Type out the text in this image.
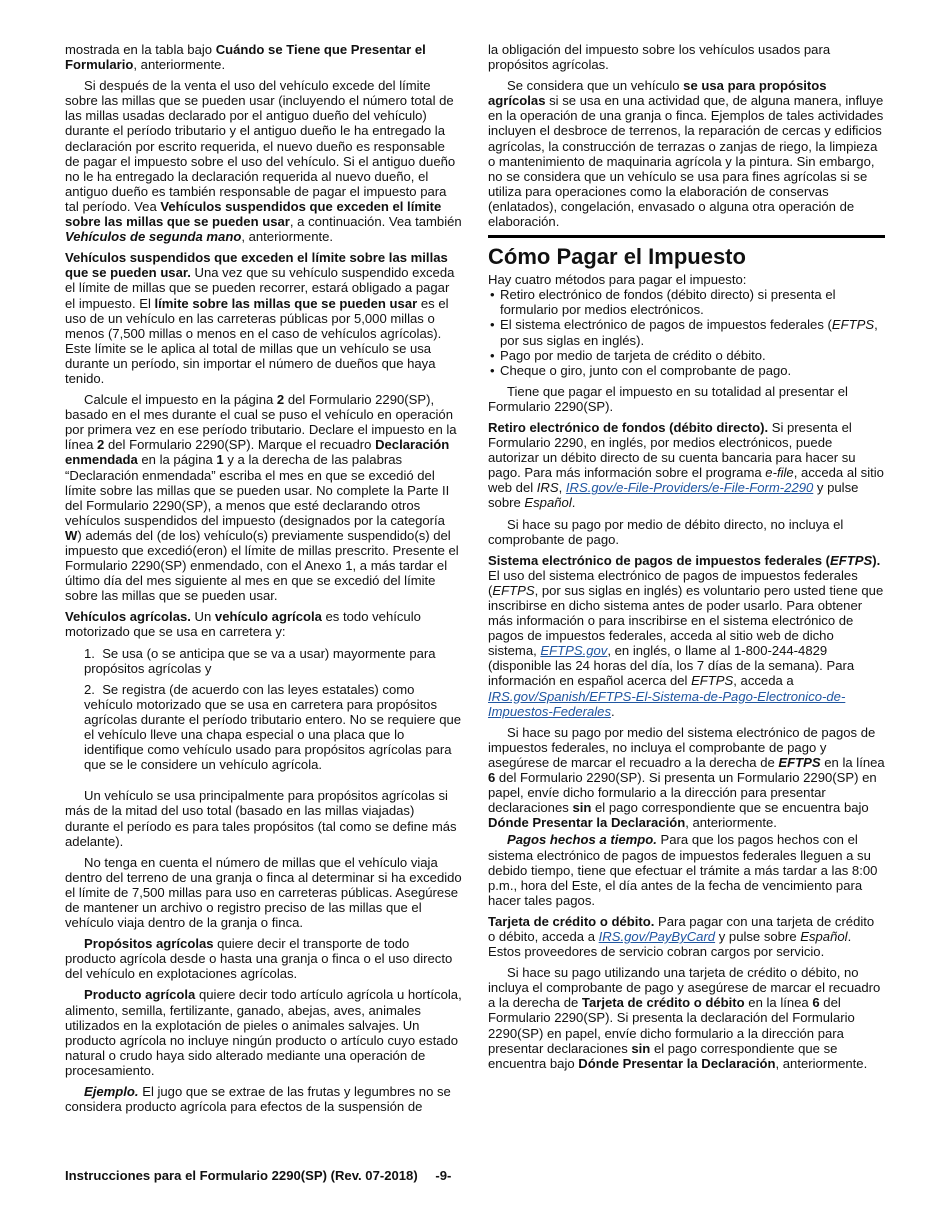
mostrada en la tabla bajo Cuándo se Tiene que Presentar el Formulario, anteriormente.

Si después de la venta el uso del vehículo excede del límite sobre las millas que se pueden usar (incluyendo el número total de las millas usadas declarado por el antiguo dueño del vehículo) durante el período tributario y el antiguo dueño le ha entregado la declaración por escrito requerida, el nuevo dueño es responsable de pagar el impuesto sobre el uso del vehículo. Si el antiguo dueño no le ha entregado la declaración requerida al nuevo dueño, el antiguo dueño es también responsable de pagar el impuesto para tal período. Vea Vehículos suspendidos que exceden el límite sobre las millas que se pueden usar, a continuación. Vea también Vehículos de segunda mano, anteriormente.

Vehículos suspendidos que exceden el límite sobre las millas que se pueden usar. Una vez que su vehículo suspendido exceda el límite de millas que se pueden recorrer, estará obligado a pagar el impuesto. El límite sobre las millas que se pueden usar es el uso de un vehículo en las carreteras públicas por 5,000 millas o menos (7,500 millas o menos en el caso de vehículos agrícolas). Este límite se le aplica al total de millas que un vehículo se usa durante un período, sin importar el número de dueños que haya tenido.

Calcule el impuesto en la página 2 del Formulario 2290(SP), basado en el mes durante el cual se puso el vehículo en operación por primera vez en ese período tributario. Declare el impuesto en la línea 2 del Formulario 2290(SP). Marque el recuadro Declaración enmendada en la página 1 y a la derecha de las palabras “Declaración enmendada” escriba el mes en que se excedió del límite sobre las millas que se pueden usar. No complete la Parte II del Formulario 2290(SP), a menos que esté declarando otros vehículos suspendidos del impuesto (designados por la categoría W) además del (de los) vehículo(s) previamente suspendido(s) del impuesto que excedió(eron) el límite de millas prescrito. Presente el Formulario 2290(SP) enmendado, con el Anexo 1, a más tardar el último día del mes siguiente al mes en que se excedió del límite sobre las millas que se pueden usar.

Vehículos agrícolas. Un vehículo agrícola es todo vehículo motorizado que se usa en carretera y:

1.  Se usa (o se anticipa que se va a usar) mayormente para propósitos agrícolas y

2.  Se registra (de acuerdo con las leyes estatales) como vehículo motorizado que se usa en carretera para propósitos agrícolas durante el período tributario entero. No se requiere que el vehículo lleve una chapa especial o una placa que lo identifique como vehículo usado para propósitos agrícolas para que se le considere un vehículo agrícola.

Un vehículo se usa principalmente para propósitos agrícolas si más de la mitad del uso total (basado en las millas viajadas) durante el período es para tales propósitos (tal como se define más adelante).

No tenga en cuenta el número de millas que el vehículo viaja dentro del terreno de una granja o finca al determinar si ha excedido el límite de 7,500 millas para uso en carreteras públicas. Asegúrese de mantener un archivo o registro preciso de las millas que el vehículo viaja dentro de la granja o finca.

Propósitos agrícolas quiere decir el transporte de todo producto agrícola desde o hasta una granja o finca o el uso directo del vehículo en explotaciones agrícolas.

Producto agrícola quiere decir todo artículo agrícola u hortícola, alimento, semilla, fertilizante, ganado, abejas, aves, animales utilizados en la explotación de pieles o animales salvajes. Un producto agrícola no incluye ningún producto o artículo cuyo estado natural o crudo haya sido alterado mediante una operación de procesamiento.

Ejemplo. El jugo que se extrae de las frutas y legumbres no se considera producto agrícola para efectos de la suspensión de

la obligación del impuesto sobre los vehículos usados para propósitos agrícolas.

Se considera que un vehículo se usa para propósitos agrícolas si se usa en una actividad que, de alguna manera, influye en la operación de una granja o finca. Ejemplos de tales actividades incluyen el desbroce de terrenos, la reparación de cercas y edificios agrícolas, la construcción de terrazas o zanjas de riego, la limpieza o mantenimiento de maquinaria agrícola y la pintura. Sin embargo, no se considera que un vehículo se usa para fines agrícolas si se utiliza para operaciones como la elaboración de conservas (enlatados), congelación, envasado o alguna otra operación de elaboración.

Cómo Pagar el Impuesto

Hay cuatro métodos para pagar el impuesto:

• Retiro electrónico de fondos (débito directo) si presenta el formulario por medios electrónicos.
• El sistema electrónico de pagos de impuestos federales (EFTPS, por sus siglas en inglés).
• Pago por medio de tarjeta de crédito o débito.
• Cheque o giro, junto con el comprobante de pago.

Tiene que pagar el impuesto en su totalidad al presentar el Formulario 2290(SP).

Retiro electrónico de fondos (débito directo). Si presenta el Formulario 2290, en inglés, por medios electrónicos, puede autorizar un débito directo de su cuenta bancaria para hacer su pago. Para más información sobre el programa e-file, acceda al sitio web del IRS, IRS.gov/e-File-Providers/e-File-Form-2290 y pulse sobre Español.

Si hace su pago por medio de débito directo, no incluya el comprobante de pago.

Sistema electrónico de pagos de impuestos federales (EFTPS). El uso del sistema electrónico de pagos de impuestos federales (EFTPS, por sus siglas en inglés) es voluntario pero usted tiene que inscribirse en dicho sistema antes de poder usarlo. Para obtener más información o para inscribirse en el sistema electrónico de pagos de impuestos federales, acceda al sitio web de dicho sistema, EFTPS.gov, en inglés, o llame al 1-800-244-4829 (disponible las 24 horas del día, los 7 días de la semana). Para información en español acerca del EFTPS, acceda a IRS.gov/Spanish/EFTPS-El-Sistema-de-Pago-Electronico-de-Impuestos-Federales.

Si hace su pago por medio del sistema electrónico de pagos de impuestos federales, no incluya el comprobante de pago y asegúrese de marcar el recuadro a la derecha de EFTPS en la línea 6 del Formulario 2290(SP). Si presenta un Formulario 2290(SP) en papel, envíe dicho formulario a la dirección para presentar declaraciones sin el pago correspondiente que se encuentra bajo Dónde Presentar la Declaración, anteriormente.

Pagos hechos a tiempo. Para que los pagos hechos con el sistema electrónico de pagos de impuestos federales lleguen a su debido tiempo, tiene que efectuar el trámite a más tardar a las 8:00 p.m., hora del Este, el día antes de la fecha de vencimiento para hacer tales pagos.

Tarjeta de crédito o débito. Para pagar con una tarjeta de crédito o débito, acceda a IRS.gov/PayByCard y pulse sobre Español. Estos proveedores de servicio cobran cargos por servicio.

Si hace su pago utilizando una tarjeta de crédito o débito, no incluya el comprobante de pago y asegúrese de marcar el recuadro a la derecha de Tarjeta de crédito o débito en la línea 6 del Formulario 2290(SP). Si presenta la declaración del Formulario 2290(SP) en papel, envíe dicho formulario a la dirección para presentar declaraciones sin el pago correspondiente que se encuentra bajo Dónde Presentar la Declaración, anteriormente.

Instrucciones para el Formulario 2290(SP) (Rev. 07-2018) -9-
